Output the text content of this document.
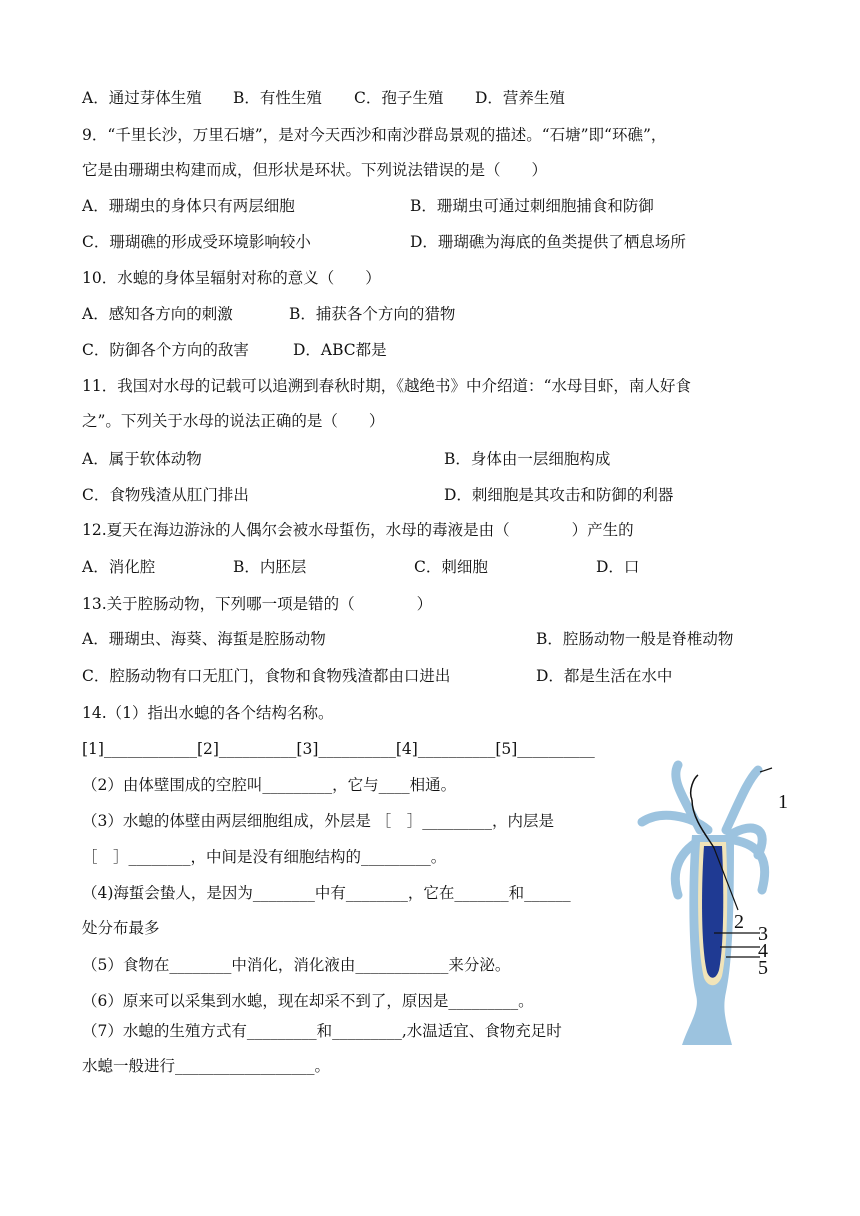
A．通过芽体生殖 B．有性生殖 C．孢子生殖 D．营养生殖
9．“千里长沙，万里石塘”，是对今天西沙和南沙群岛景观的描述。“石塘”即“环礁”，
它是由珊瑚虫构建而成，但形状是环状。下列说法错误的是（　　）
A．珊瑚虫的身体只有两层细胞	B．珊瑚虫可通过刺细胞捕食和防御
C．珊瑚礁的形成受环境影响较小	D．珊瑚礁为海底的鱼类提供了栖息场所
10．水螅的身体呈辐射对称的意义（　　）
A．感知各方向的刺激	B．捕获各个方向的猎物
C．防御各个方向的敌害	D．ABC都是
11．我国对水母的记载可以追溯到春秋时期，《越绝书》中介绍道：“水母目虾，南人好食
之”。下列关于水母的说法正确的是（　　）
A．属于软体动物	B．身体由一层细胞构成
C．食物残渣从肛门排出	D．刺细胞是其攻击和防御的利器
12.夏天在海边游泳的人偶尔会被水母蜇伤，水母的毒液是由（　　　　）产生的
A．消化腔	B．内胚层	C．刺细胞	D．口
13.关于腔肠动物，下列哪一项是错的（　　　　）
A．珊瑚虫、海葵、海蜇是腔肠动物	B．腔肠动物一般是脊椎动物
C．腔肠动物有口无肛门，食物和食物残渣都由口进出	D．都是生活在水中
14.（1）指出水螅的各个结构名称。
[1]____________[2]__________[3]__________[4]__________[5]__________
（2）由体壁围成的空腔叫_________，它与____相通。
（3）水螅的体壁由两层细胞组成，外层是 ［　］_________，内层是
［　］________，中间是没有细胞结构的_________。
（4)海蜇会蛰人，是因为________中有________，它在_______和______
处分布最多
（5）食物在________中消化，消化液由____________来分泌。
（6）原来可以采集到水螅，现在却采不到了，原因是_________。
（7）水螅的生殖方式有_________和_________,水温适宜、食物充足时
水螅一般进行__________________。
1
2
3
4
5
